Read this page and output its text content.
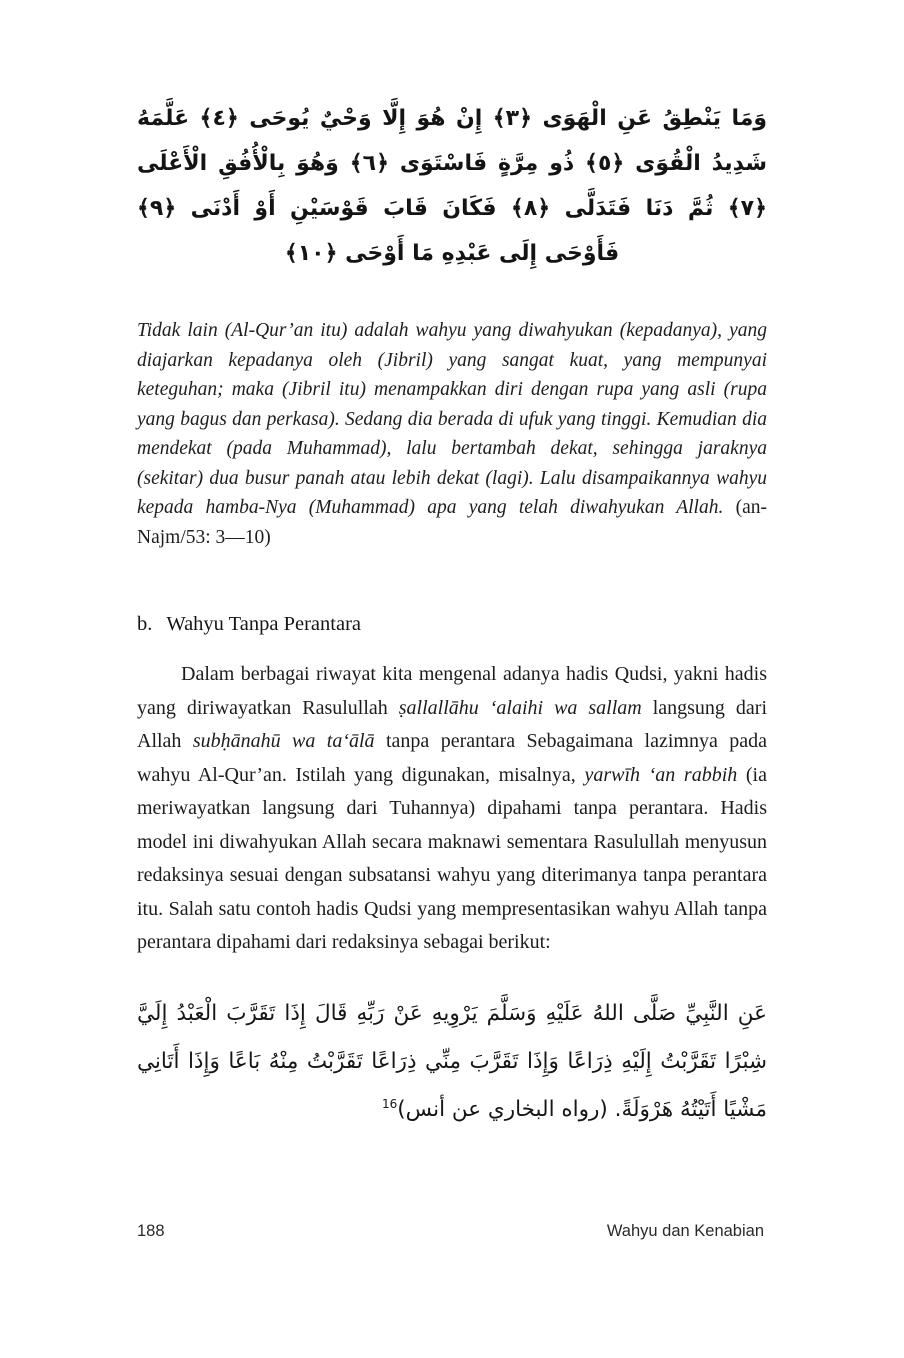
وَمَا يَنْطِقُ عَنِ الْهَوَى ﴿٣﴾ إِنْ هُوَ إِلَّا وَحْيٌ يُوحَى ﴿٤﴾ عَلَّمَهُ شَدِيدُ الْقُوَى ﴿٥﴾ ذُو مِرَّةٍ فَاسْتَوَى ﴿٦﴾ وَهُوَ بِالْأُفُقِ الْأَعْلَى ﴿٧﴾ ثُمَّ دَنَا فَتَدَلَّى ﴿٨﴾ فَكَانَ قَابَ قَوْسَيْنِ أَوْ أَدْنَى ﴿٩﴾ فَأَوْحَى إِلَى عَبْدِهِ مَا أَوْحَى ﴿١٠﴾

Tidak lain (Al-Qur’an itu) adalah wahyu yang diwahyukan (kepadanya), yang diajarkan kepadanya oleh (Jibril) yang sangat kuat, yang mempunyai keteguhan; maka (Jibril itu) menampakkan diri dengan rupa yang asli (rupa yang bagus dan perkasa). Sedang dia berada di ufuk yang tinggi. Kemudian dia mendekat (pada Muhammad), lalu bertambah dekat, sehingga jaraknya (sekitar) dua busur panah atau lebih dekat (lagi). Lalu disampaikannya wahyu kepada hamba-Nya (Muhammad) apa yang telah diwahyukan Allah. (an-Najm/53: 3—10)

b. Wahyu Tanpa Perantara

Dalam berbagai riwayat kita mengenal adanya hadis Qudsi, yakni hadis yang diriwayatkan Rasulullah ṣallallāhu ‘alaihi wa sallam langsung dari Allah subḥānahū wa ta‘ālā tanpa perantara Sebagaimana lazimnya pada wahyu Al-Qur’an. Istilah yang digunakan, misalnya, yarwīh ‘an rabbih (ia meriwayatkan langsung dari Tuhannya) dipahami tanpa perantara. Hadis model ini diwahyukan Allah secara maknawi sementara Rasulullah menyusun redaksinya sesuai dengan subsatansi wahyu yang diterimanya tanpa perantara itu. Salah satu contoh hadis Qudsi yang mempresentasikan wahyu Allah tanpa perantara dipahami dari redaksinya sebagai berikut:

عَنِ النَّبِيِّ صَلَّى اللهُ عَلَيْهِ وَسَلَّمَ يَرْوِيهِ عَنْ رَبِّهِ قَالَ إِذَا تَقَرَّبَ الْعَبْدُ إِلَيَّ شِبْرًا تَقَرَّبْتُ إِلَيْهِ ذِرَاعًا وَإِذَا تَقَرَّبَ مِنِّي ذِرَاعًا تَقَرَّبْتُ مِنْهُ بَاعًا وَإِذَا أَتَانِي مَشْيًا أَتَيْتُهُ هَرْوَلَةً. (رواه البخاري عن أنس)$^{16}$

188	Wahyu dan Kenabian
